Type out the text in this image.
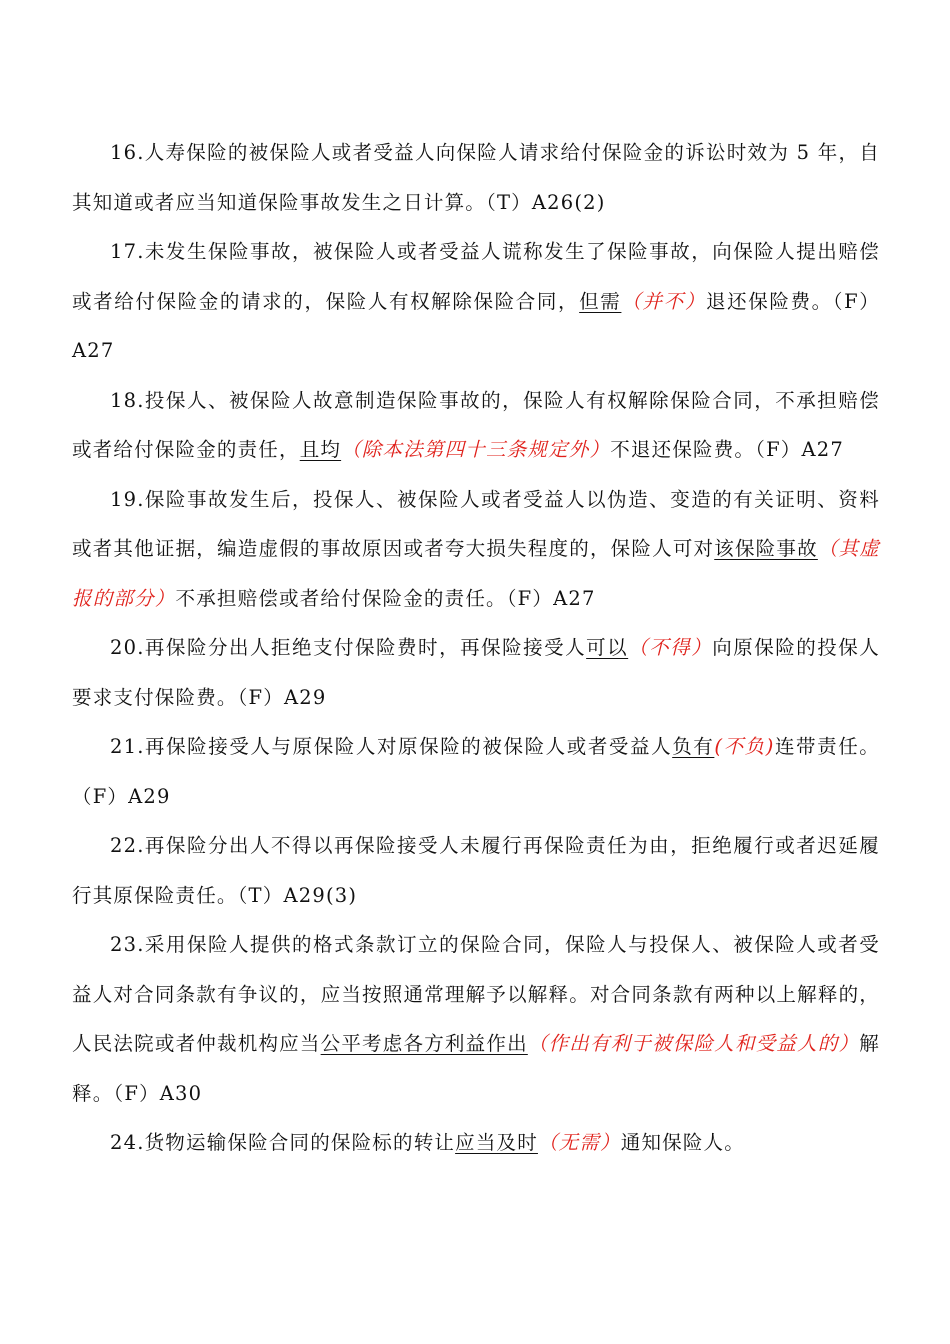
16.人寿保险的被保险人或者受益人向保险人请求给付保险金的诉讼时效为 5 年，自其知道或者应当知道保险事故发生之日计算。（T）A26(2)

17.未发生保险事故，被保险人或者受益人谎称发生了保险事故，向保险人提出赔偿或者给付保险金的请求的，保险人有权解除保险合同，但需（并不）退还保险费。（F）A27

18.投保人、被保险人故意制造保险事故的，保险人有权解除保险合同，不承担赔偿或者给付保险金的责任，且均（除本法第四十三条规定外）不退还保险费。（F）A27

19.保险事故发生后，投保人、被保险人或者受益人以伪造、变造的有关证明、资料或者其他证据，编造虚假的事故原因或者夸大损失程度的，保险人可对该保险事故（其虚报的部分）不承担赔偿或者给付保险金的责任。（F）A27

20.再保险分出人拒绝支付保险费时，再保险接受人可以（不得）向原保险的投保人要求支付保险费。（F）A29

21.再保险接受人与原保险人对原保险的被保险人或者受益人负有(不负)连带责任。（F）A29

22.再保险分出人不得以再保险接受人未履行再保险责任为由，拒绝履行或者迟延履行其原保险责任。（T）A29(3)

23.采用保险人提供的格式条款订立的保险合同，保险人与投保人、被保险人或者受益人对合同条款有争议的，应当按照通常理解予以解释。对合同条款有两种以上解释的，人民法院或者仲裁机构应当公平考虑各方利益作出（作出有利于被保险人和受益人的）解释。（F）A30

24.货物运输保险合同的保险标的转让应当及时（无需）通知保险人。
